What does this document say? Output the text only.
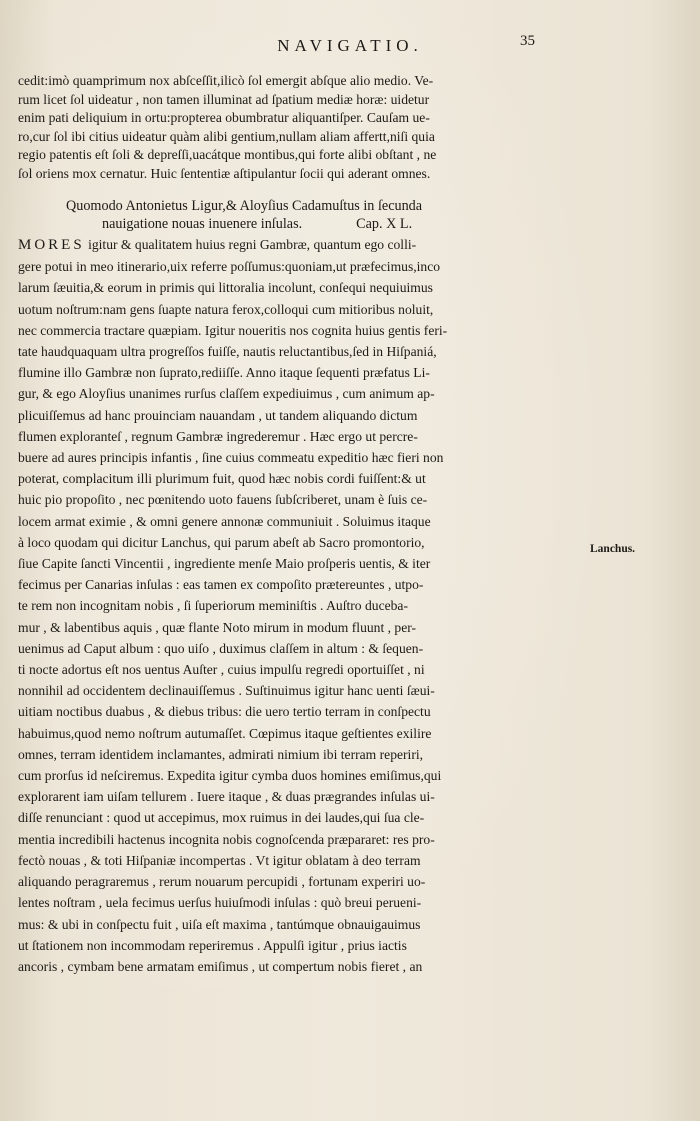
NAVIGATIO.	35

cedit:imò quamprimum nox abſceſſit,ilicò ſol emergit abſque alio medio. Ve-

rum licet ſol uideatur , non tamen illuminat ad ſpatium mediæ horæ: uidetur

enim pati deliquium in ortu:propterea obumbratur aliquantiſper. Cauſam ue-

ro,cur ſol ibi citius uideatur quàm alibi gentium,nullam aliam affertt,niſi quia

regio patentis eſt ſoli & depreſſi,uacátque montibus,qui forte alibi obſtant , ne

ſol oriens mox cernatur. Huic ſententiæ aſtipulantur ſocii qui aderant omnes.

Quomodo Antonietus Ligur,& Aloyſius Cadamuſtus in ſecunda

nauigatione nouas inuenere inſulas.	Cap. X L.

MORES igitur & qualitatem huius regni Gambræ, quantum ego colli-

gere potui in meo itinerario,uix referre poſſumus:quoniam,ut præfecimus,inco

larum ſæuitia,& eorum in primis qui littoralia incolunt, conſequi nequiuimus

uotum noſtrum:nam gens ſuapte natura ferox,colloqui cum mitioribus noluit,

nec commercia tractare quæpiam. Igitur noueritis nos cognita huius gentis feri-

tate haudquaquam ultra progreſſos fuiſſe, nautis reluctantibus,ſed in Hiſpaniá,

flumine illo Gambræ non ſuprato,rediiſſe. Anno itaque ſequenti præfatus Li-

gur, & ego Aloyſius unanimes rurſus claſſem expediuimus , cum animum ap-

plicuiſſemus ad hanc prouinciam nauandam , ut tandem aliquando dictum

flumen exploranteſ , regnum Gambræ ingrederemur . Hæc ergo ut percre-

buere ad aures principis infantis , ſine cuius commeatu expeditio hæc fieri non

poterat, complacitum illi plurimum fuit, quod hæc nobis cordi fuiſſent:& ut

huic pio propoſito , nec pœnitendo uoto fauens ſubſcriberet, unam è ſuis ce-

locem armat eximie , & omni genere annonæ communiuit . Soluimus itaque

à loco quodam qui dicitur Lanchus, qui parum abeſt ab Sacro promontorio,

ſiue Capite ſancti Vincentii , ingrediente menſe Maio proſperis uentis, & iter

fecimus per Canarias inſulas : eas tamen ex compoſito prætereuntes , utpo-

te rem non incognitam nobis , ſi ſuperiorum meminiſtis . Auſtro duceba-

mur , & labentibus aquis , quæ flante Noto mirum in modum fluunt , per-

uenimus ad Caput album : quo uiſo , duximus claſſem in altum : & ſequen-

ti nocte adortus eſt nos uentus Auſter , cuius impulſu regredi oportuiſſet , ni

nonnihil ad occidentem declinauiſſemus . Suſtinuimus igitur hanc uenti ſæui-

uitiam noctibus duabus , & diebus tribus: die uero tertio terram in conſpectu

habuimus,quod nemo noſtrum autumaſſet. Cœpimus itaque geſtientes exilire

omnes, terram identidem inclamantes, admirati nimium ibi terram reperiri,

cum prorſus id neſciremus. Expedita igitur cymba duos homines emiſimus,qui

explorarent iam uiſam tellurem . Iuere itaque , & duas prægrandes inſulas ui-

diſſe renunciant : quod ut accepimus, mox ruimus in dei laudes,qui ſua cle-

mentia incredibili hactenus incognita nobis cognoſcenda præpararet: res pro-

fectò nouas , & toti Hiſpaniæ incompertas . Vt igitur oblatam à deo terram

aliquando peragraremus , rerum nouarum percupidi , fortunam experiri uo-

lentes noſtram , uela fecimus uerſus huiuſmodi inſulas : quò breui perueni-

mus: & ubi in conſpectu fuit , uiſa eſt maxima , tantúmque obnauigauimus

ut ſtationem non incommodam reperiremus . Appulſi igitur , prius iactis

ancoris , cymbam bene armatam emiſimus , ut compertum nobis fieret , an

Lanchus.
